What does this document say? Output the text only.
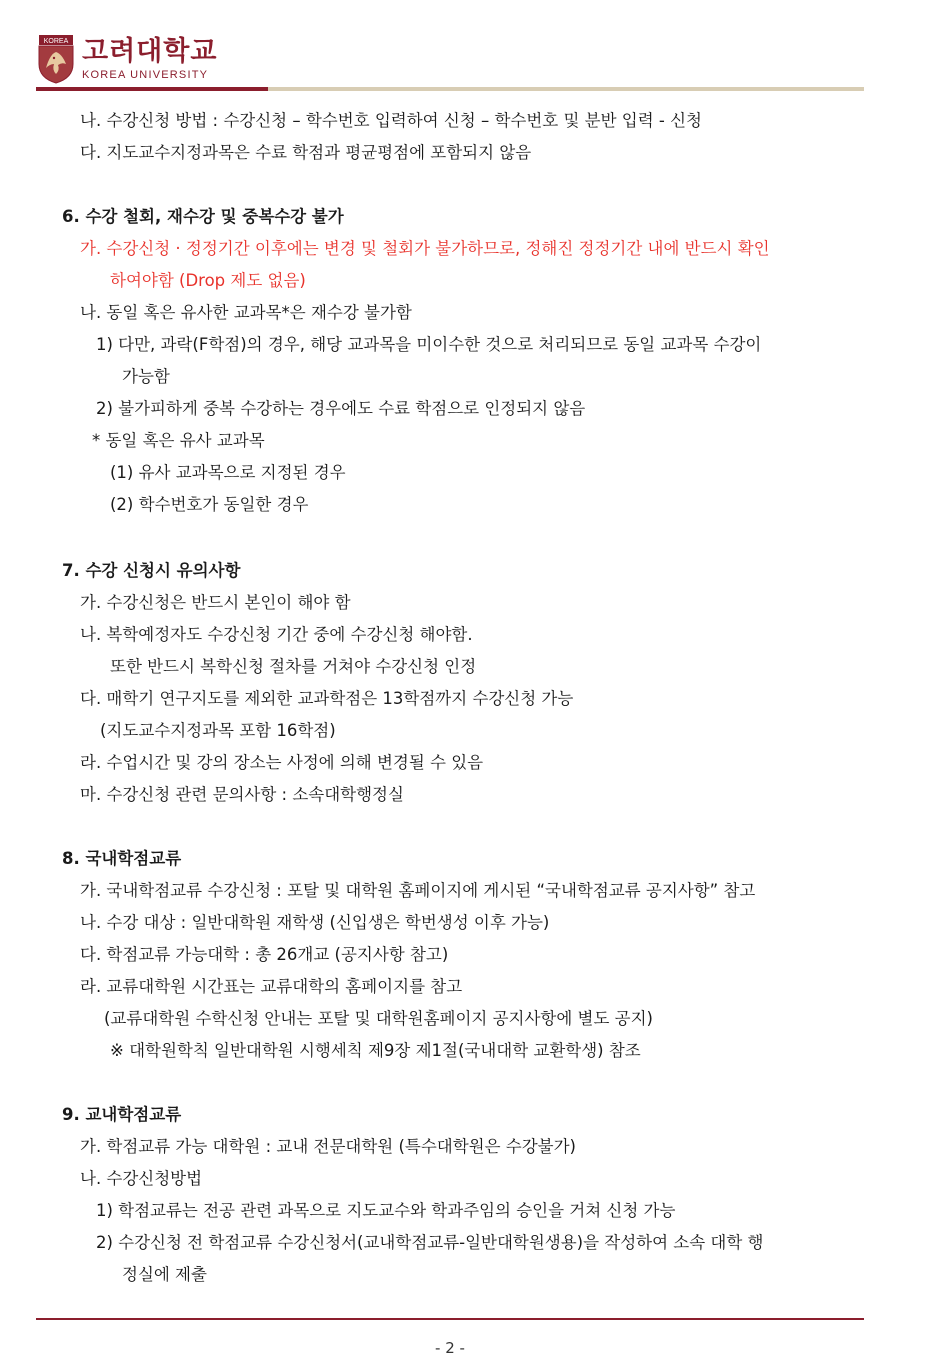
KOREA 고려대학교
KOREA UNIVERSITY
나. 수강신청 방법 : 수강신청 – 학수번호 입력하여 신청 – 학수번호 및 분반 입력 - 신청
다. 지도교수지정과목은 수료 학점과 평균평점에 포함되지 않음
6. 수강 철회, 재수강 및 중복수강 불가
가. 수강신청 · 정정기간 이후에는 변경 및 철회가 불가하므로, 정해진 정정기간 내에 반드시 확인
하여야함 (Drop 제도 없음)
나. 동일 혹은 유사한 교과목*은 재수강 불가함
1) 다만, 과락(F학점)의 경우, 해당 교과목을 미이수한 것으로 처리되므로 동일 교과목 수강이
가능함
2) 불가피하게 중복 수강하는 경우에도 수료 학점으로 인정되지 않음
* 동일 혹은 유사 교과목
(1) 유사 교과목으로 지정된 경우
(2) 학수번호가 동일한 경우
7. 수강 신청시 유의사항
가. 수강신청은 반드시 본인이 해야 함
나. 복학예정자도 수강신청 기간 중에 수강신청 해야함.
또한 반드시 복학신청 절차를 거쳐야 수강신청 인정
다. 매학기 연구지도를 제외한 교과학점은 13학점까지 수강신청 가능
(지도교수지정과목 포함 16학점)
라. 수업시간 및 강의 장소는 사정에 의해 변경될 수 있음
마. 수강신청 관련 문의사항 : 소속대학행정실
8. 국내학점교류
가. 국내학점교류 수강신청 : 포탈 및 대학원 홈페이지에 게시된 “국내학점교류 공지사항” 참고
나. 수강 대상 : 일반대학원 재학생 (신입생은 학번생성 이후 가능)
다. 학점교류 가능대학 : 총 26개교 (공지사항 참고)
라. 교류대학원 시간표는 교류대학의 홈페이지를 참고
(교류대학원 수학신청 안내는 포탈 및 대학원홈페이지 공지사항에 별도 공지)
※ 대학원학칙 일반대학원 시행세칙 제9장 제1절(국내대학 교환학생) 참조
9. 교내학점교류
가. 학점교류 가능 대학원 : 교내 전문대학원 (특수대학원은 수강불가)
나. 수강신청방법
1) 학점교류는 전공 관련 과목으로 지도교수와 학과주임의 승인을 거쳐 신청 가능
2) 수강신청 전 학점교류 수강신청서(교내학점교류-일반대학원생용)을 작성하여 소속 대학 행
정실에 제출
- 2 -
